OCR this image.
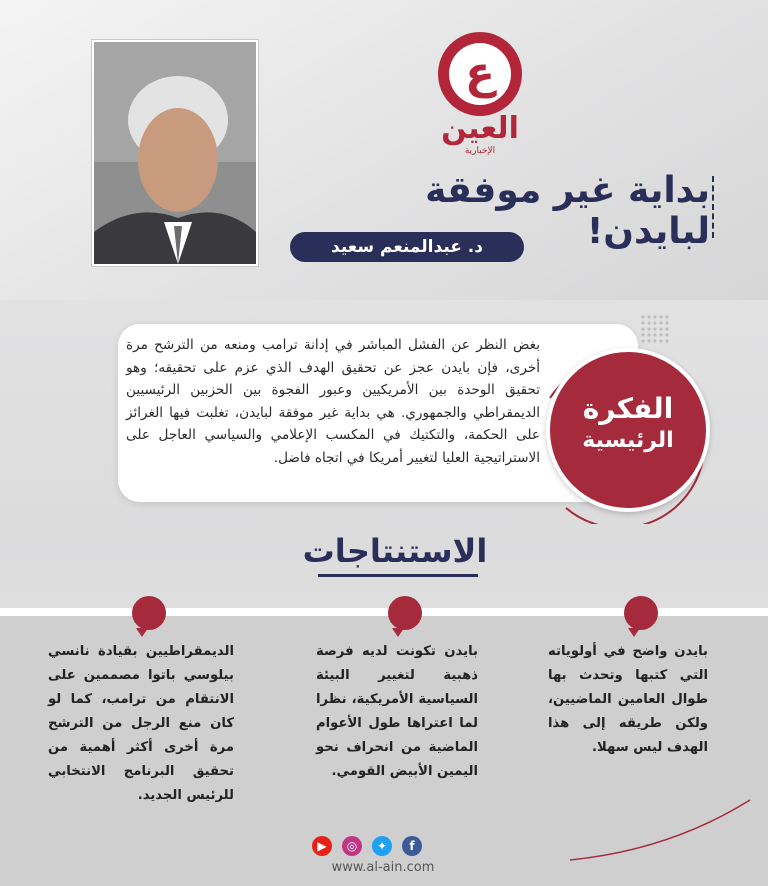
ع
العين
الإخبارية
بداية غير موفقة لبايدن!
د. عبدالمنعم سعيد
بغض النظر عن الفشل المباشر في إدانة ترامب ومنعه من الترشح مرة أخرى، فإن بايدن عجز عن تحقيق الهدف الذي عزم على تحقيقه؛ وهو تحقيق الوحدة بين الأمريكيين وعبور الفجوة بين الحزبين الرئيسيين الديمقراطي والجمهوري. هي بداية غير موفقة لبايدن، تغلبت فيها الغرائز على الحكمة، والتكتيك في المكسب الإعلامي والسياسي العاجل على الاستراتيجية العليا لتغيير أمريكا في اتجاه فاضل.
الفكرة
الرئيسية
الاستنتاجات
بايدن واضح في أولوياته التي كتبها وتحدث بها طوال العامين الماضيين، ولكن طريقه إلى هذا الهدف ليس سهلا.
بايدن تكونت لديه فرصة ذهبية لتغيير البيئة السياسية الأمريكية، نظرا لما اعتراها طول الأعوام الماضية من انحراف نحو اليمين الأبيض القومي.
الديمقراطيين بقيادة نانسي بيلوسي باتوا مصممين على الانتقام من ترامب، كما لو كان منع الرجل من الترشح مرة أخرى أكثر أهمية من تحقيق البرنامج الانتخابي للرئيس الجديد.
▶	◎	✦	f
www.al-ain.com
